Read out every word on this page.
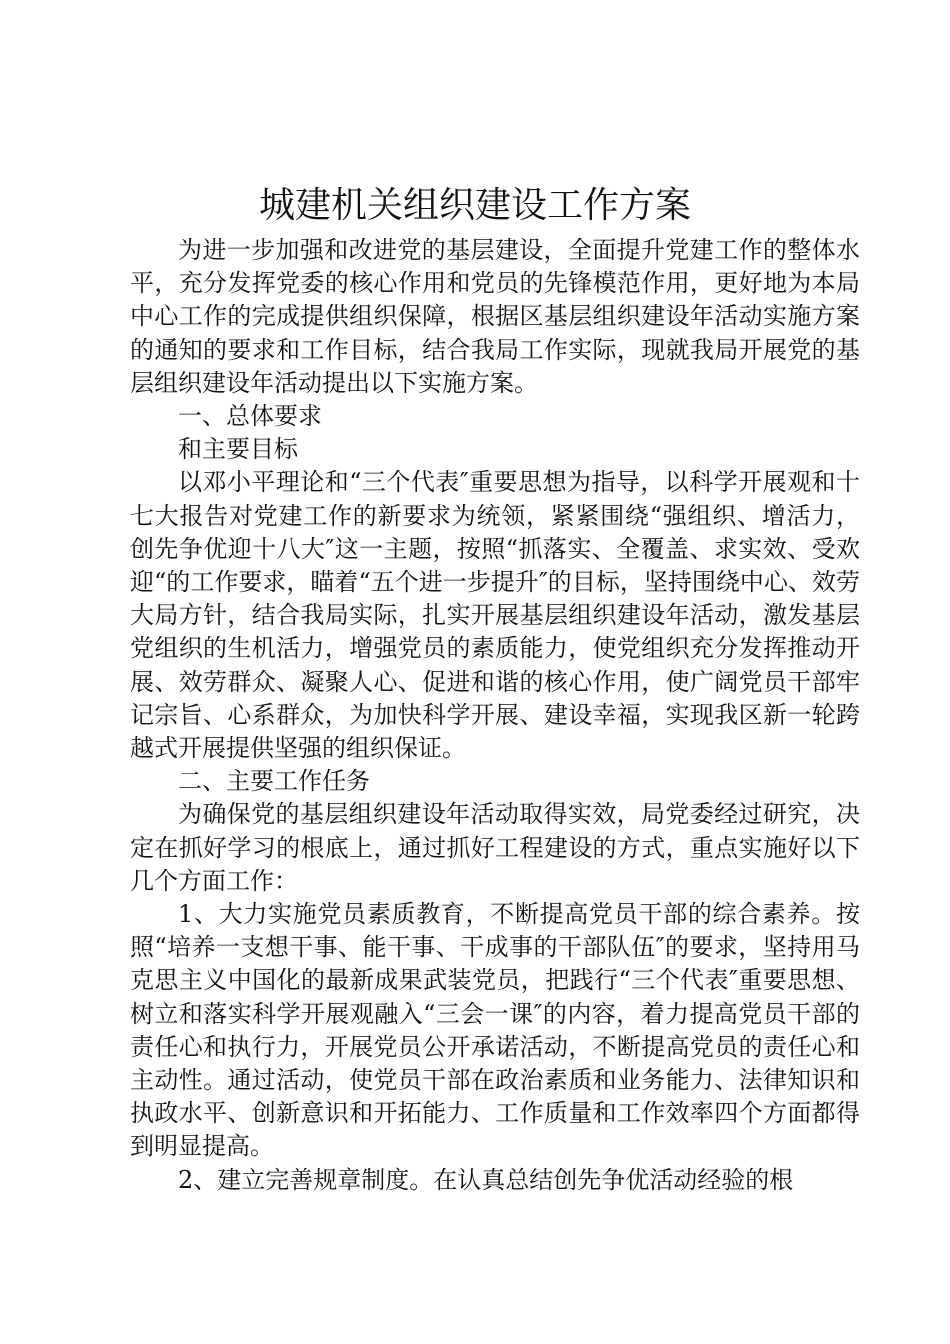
城建机关组织建设工作方案

为进一步加强和改进党的基层建设，全面提升党建工作的整体水平，充分发挥党委的核心作用和党员的先锋模范作用，更好地为本局中心工作的完成提供组织保障，根据区基层组织建设年活动实施方案的通知的要求和工作目标，结合我局工作实际，现就我局开展党的基层组织建设年活动提出以下实施方案。

一、总体要求

和主要目标

以邓小平理论和“三个代表″重要思想为指导，以科学开展观和十七大报告对党建工作的新要求为统领，紧紧围绕“强组织、增活力，创先争优迎十八大″这一主题，按照“抓落实、全覆盖、求实效、受欢迎“的工作要求，瞄着“五个进一步提升″的目标，坚持围绕中心、效劳大局方针，结合我局实际，扎实开展基层组织建设年活动，激发基层党组织的生机活力，增强党员的素质能力，使党组织充分发挥推动开展、效劳群众、凝聚人心、促进和谐的核心作用，使广阔党员干部牢记宗旨、心系群众，为加快科学开展、建设幸福，实现我区新一轮跨越式开展提供坚强的组织保证。

二、主要工作任务

为确保党的基层组织建设年活动取得实效，局党委经过研究，决定在抓好学习的根底上，通过抓好工程建设的方式，重点实施好以下几个方面工作：

1、大力实施党员素质教育，不断提高党员干部的综合素养。按照“培养一支想干事、能干事、干成事的干部队伍″的要求，坚持用马克思主义中国化的最新成果武装党员，把践行“三个代表″重要思想、树立和落实科学开展观融入“三会一课″的内容，着力提高党员干部的责任心和执行力，开展党员公开承诺活动，不断提高党员的责任心和主动性。通过活动，使党员干部在政治素质和业务能力、法律知识和执政水平、创新意识和开拓能力、工作质量和工作效率四个方面都得到明显提高。

2、建立完善规章制度。在认真总结创先争优活动经验的根
